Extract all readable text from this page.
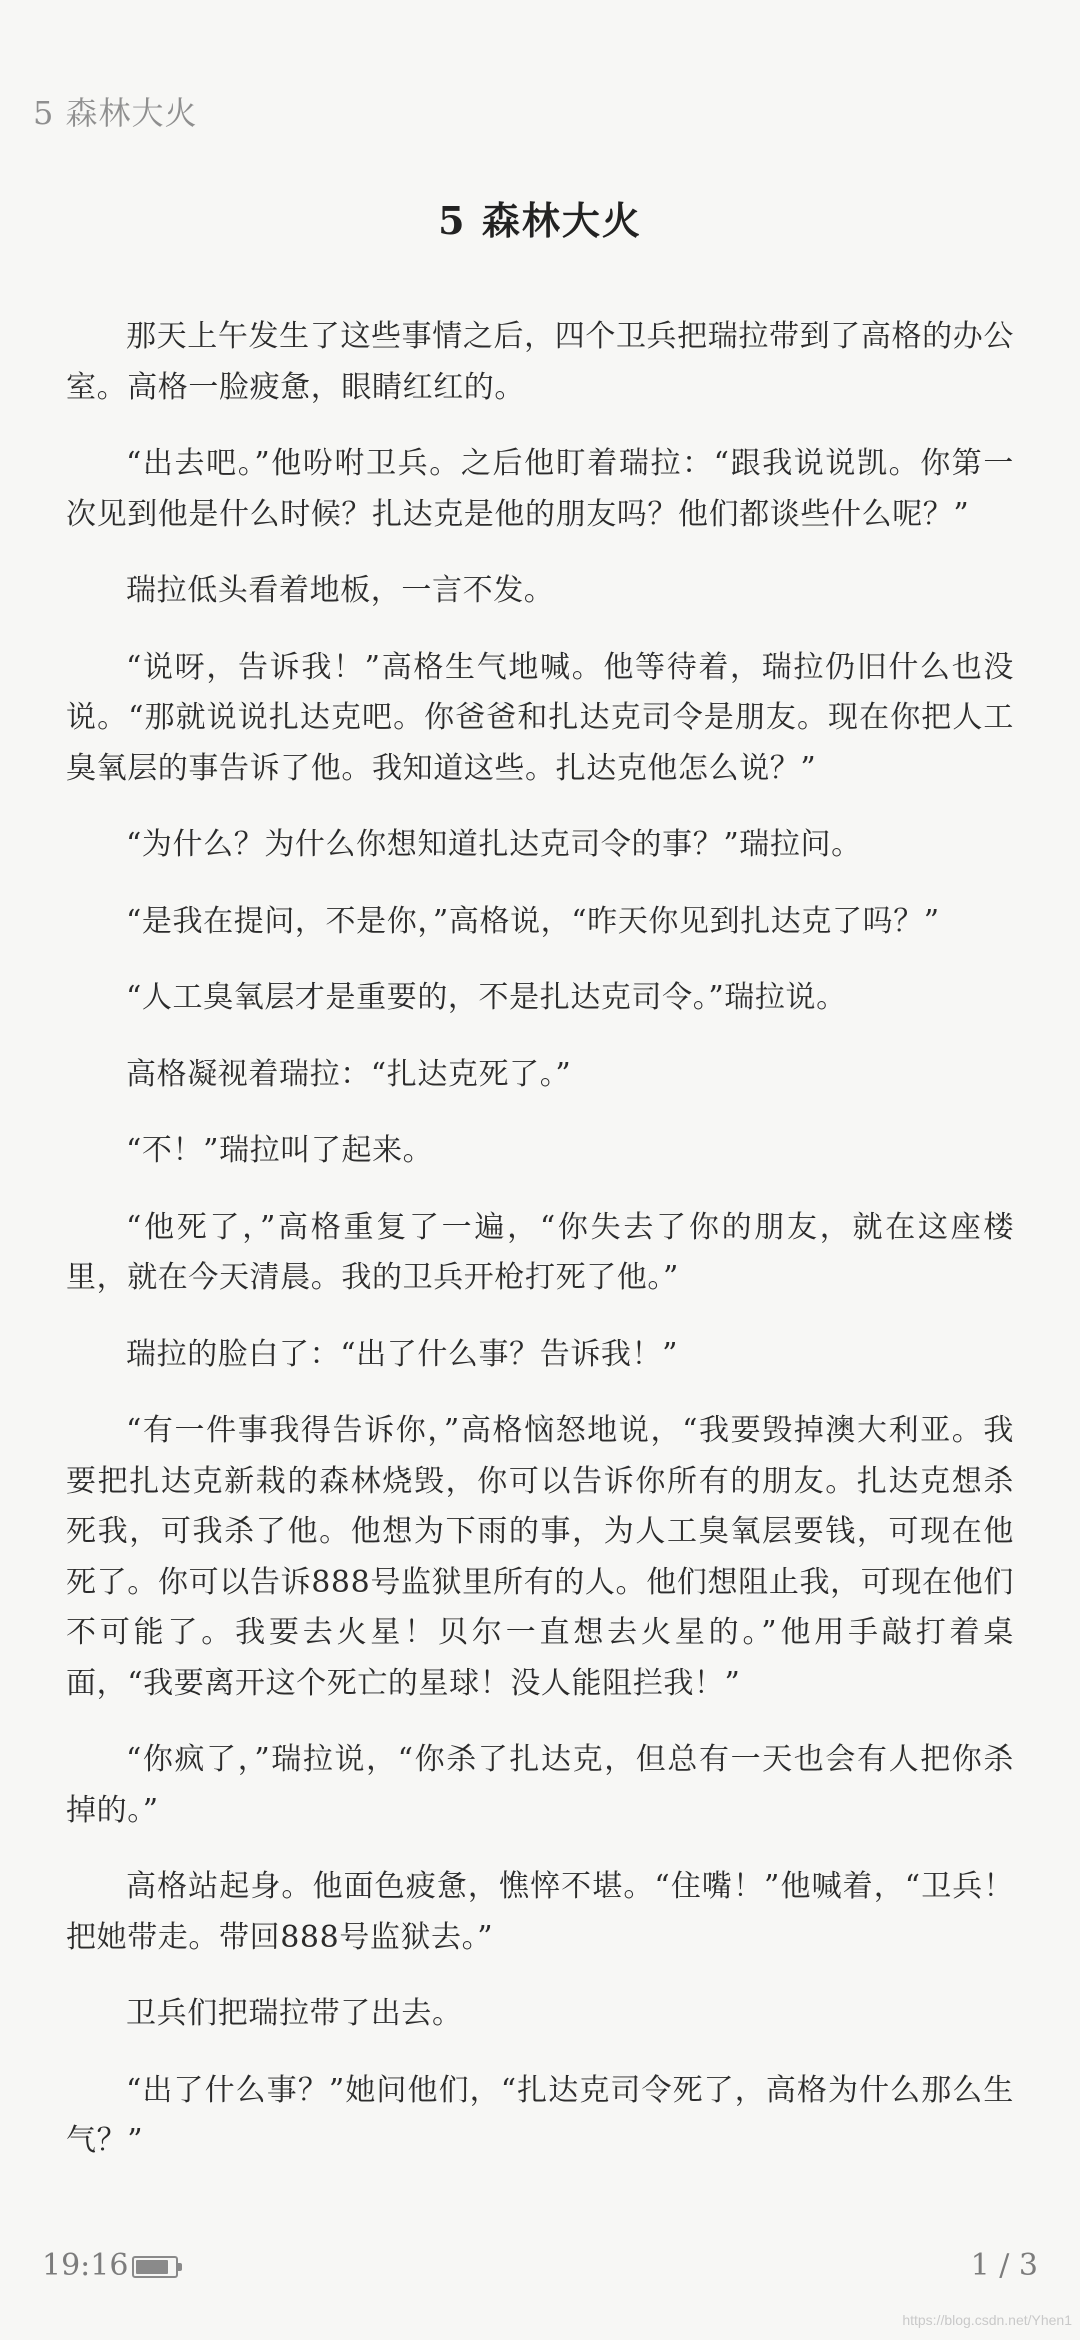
5 森林大火
5 森林大火

那天上午发生了这些事情之后，四个卫兵把瑞拉带到了高格的办公室。高格一脸疲惫，眼睛红红的。

“出去吧。”他吩咐卫兵。之后他盯着瑞拉：“跟我说说凯。你第一次见到他是什么时候？扎达克是他的朋友吗？他们都谈些什么呢？”

瑞拉低头看着地板，一言不发。

“说呀，告诉我！”高格生气地喊。他等待着，瑞拉仍旧什么也没说。“那就说说扎达克吧。你爸爸和扎达克司令是朋友。现在你把人工臭氧层的事告诉了他。我知道这些。扎达克他怎么说？”

“为什么？为什么你想知道扎达克司令的事？”瑞拉问。

“是我在提问，不是你，”高格说，“昨天你见到扎达克了吗？”

“人工臭氧层才是重要的，不是扎达克司令。”瑞拉说。

高格凝视着瑞拉：“扎达克死了。”

“不！”瑞拉叫了起来。

“他死了，”高格重复了一遍，“你失去了你的朋友，就在这座楼里，就在今天清晨。我的卫兵开枪打死了他。”

瑞拉的脸白了：“出了什么事？告诉我！”

“有一件事我得告诉你，”高格恼怒地说，“我要毁掉澳大利亚。我要把扎达克新栽的森林烧毁，你可以告诉你所有的朋友。扎达克想杀死我，可我杀了他。他想为下雨的事，为人工臭氧层要钱，可现在他死了。你可以告诉888号监狱里所有的人。他们想阻止我，可现在他们不可能了。我要去火星！贝尔一直想去火星的。”他用手敲打着桌面，“我要离开这个死亡的星球！没人能阻拦我！”

“你疯了，”瑞拉说，“你杀了扎达克，但总有一天也会有人把你杀掉的。”

高格站起身。他面色疲惫，憔悴不堪。“住嘴！”他喊着，“卫兵！把她带走。带回888号监狱去。”

卫兵们把瑞拉带了出去。

“出了什么事？”她问他们，“扎达克司令死了，高格为什么那么生气？”

19:16	1 / 3
https://blog.csdn.net/Yhen1
